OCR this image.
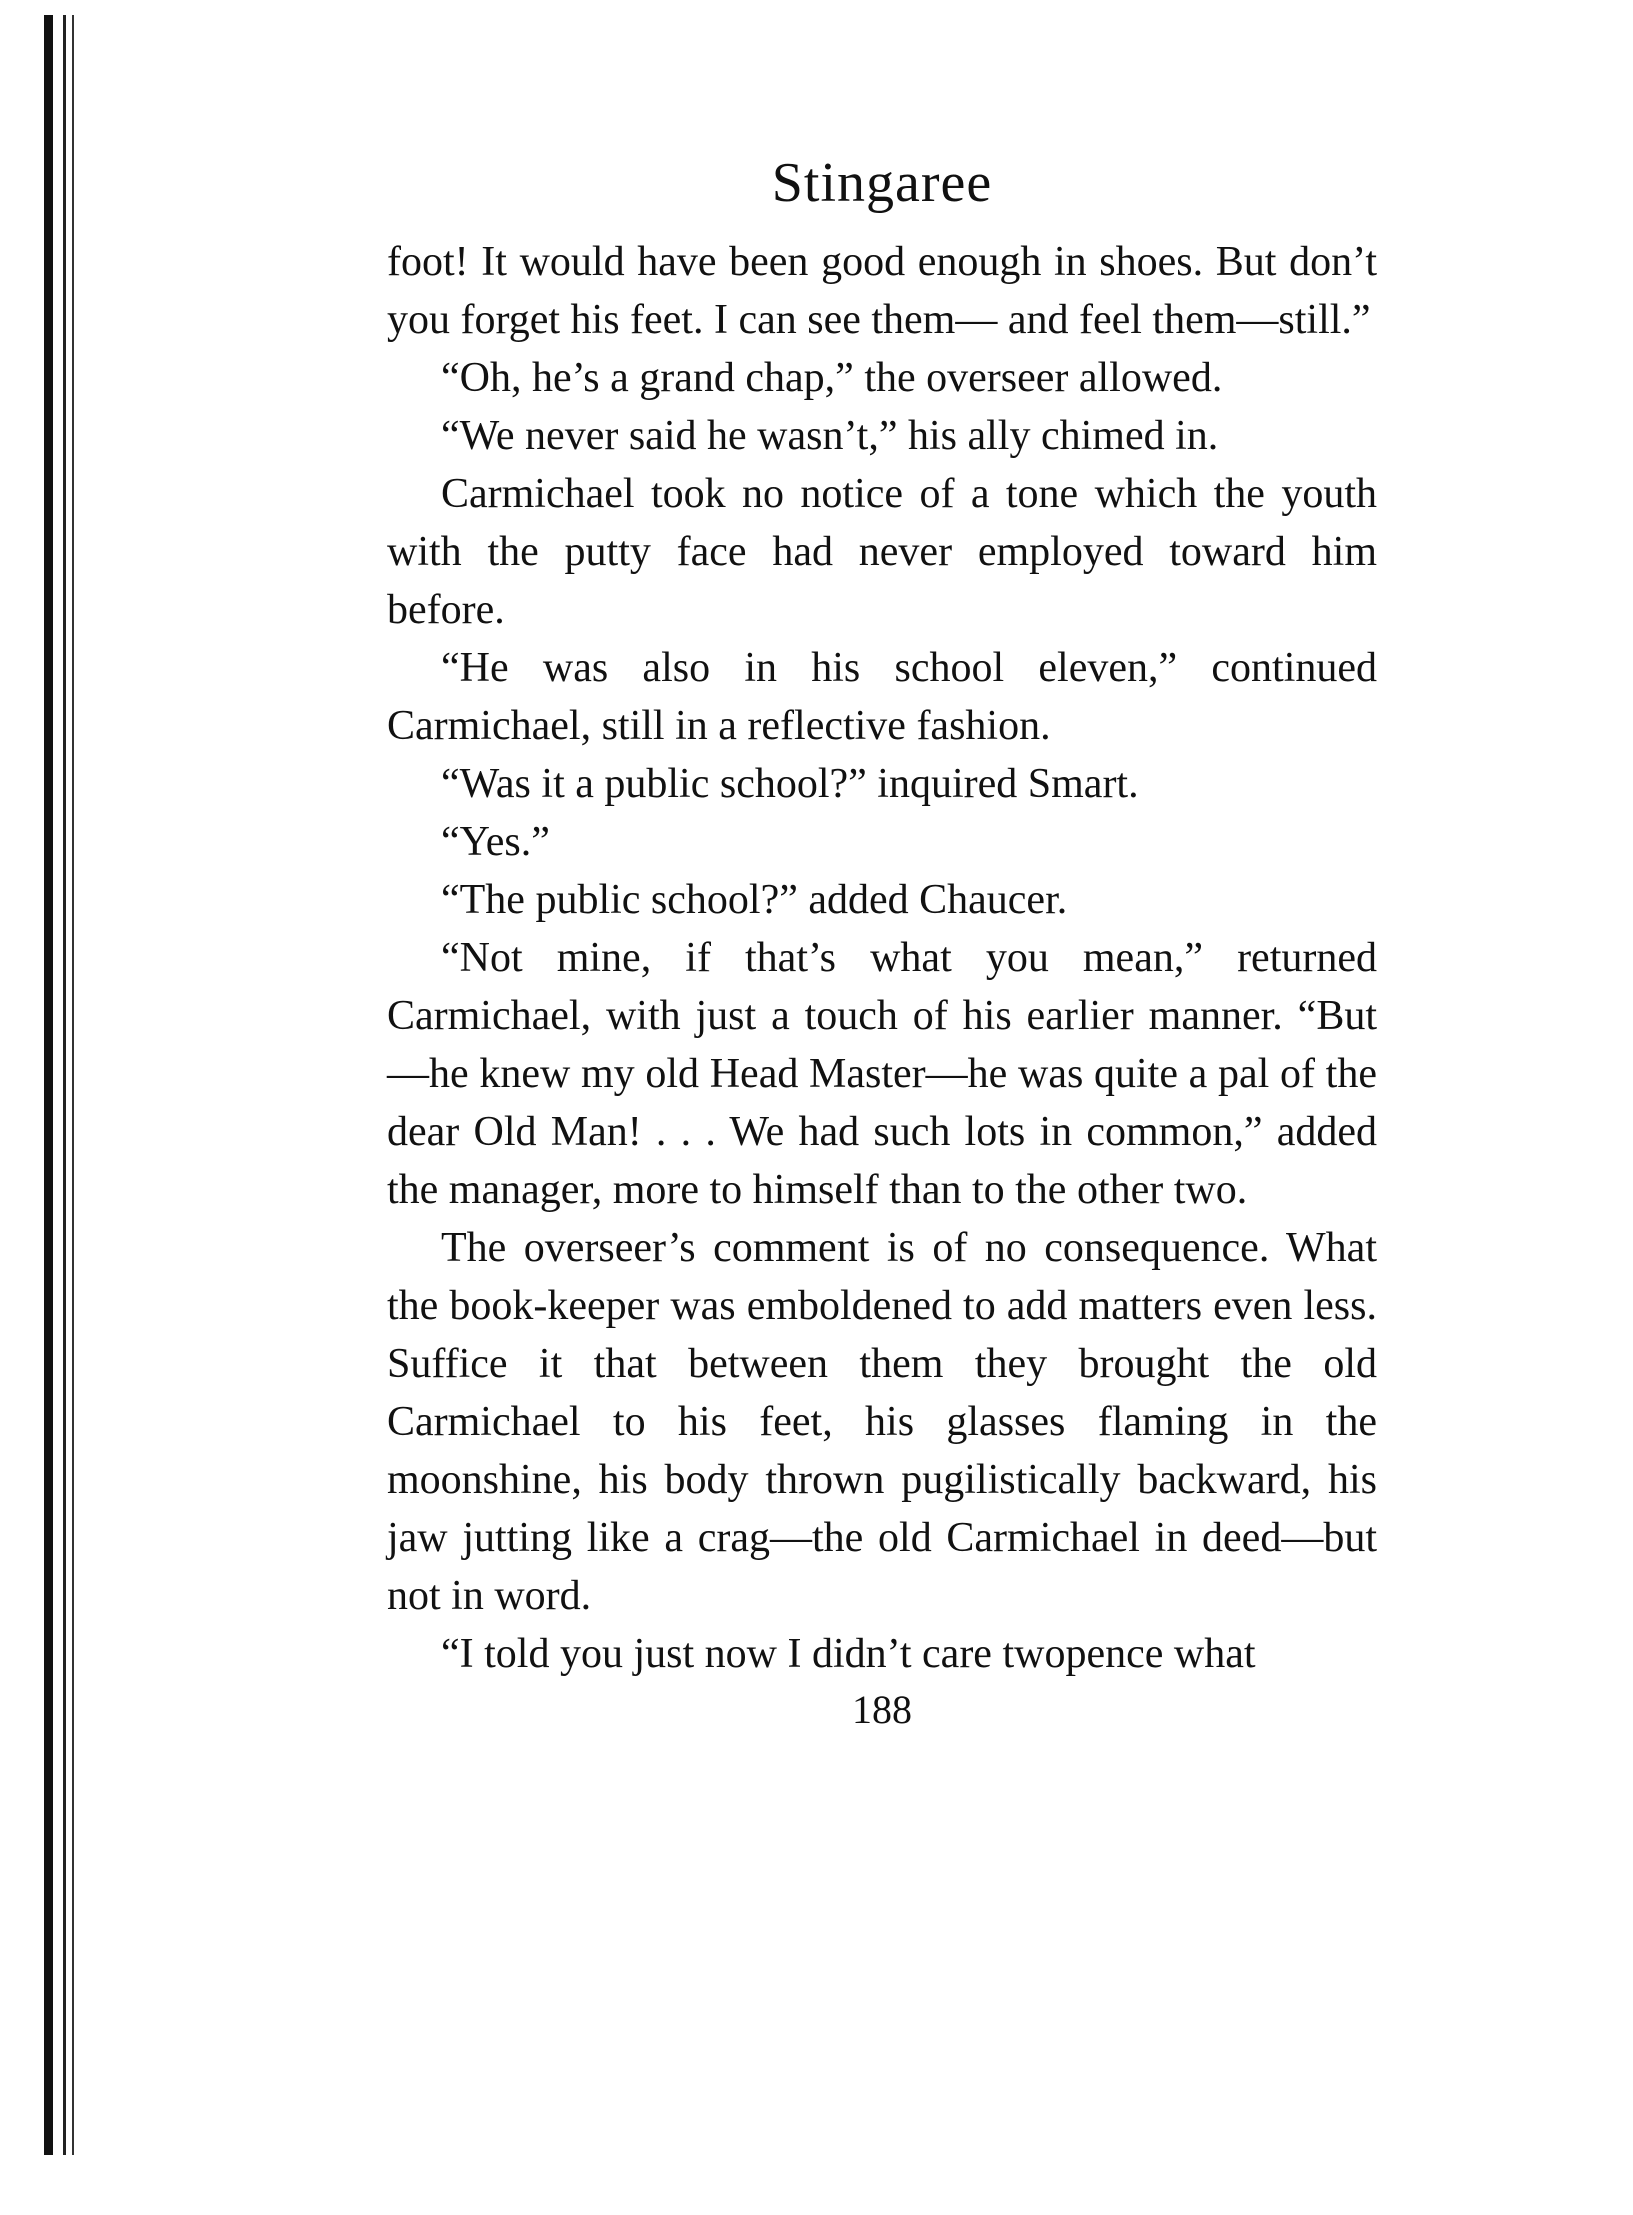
Stingaree

foot! It would have been good enough in shoes. But don’t you forget his feet. I can see them— and feel them—still.”

“Oh, he’s a grand chap,” the overseer allowed.

“We never said he wasn’t,” his ally chimed in.

Carmichael took no notice of a tone which the youth with the putty face had never employed toward him before.

“He was also in his school eleven,” continued Carmichael, still in a reflective fashion.

“Was it a public school?” inquired Smart.

“Yes.”

“The public school?” added Chaucer.

“Not mine, if that’s what you mean,” returned Carmichael, with just a touch of his earlier manner. “But—he knew my old Head Master—he was quite a pal of the dear Old Man! . . . We had such lots in common,” added the manager, more to himself than to the other two.

The overseer’s comment is of no consequence. What the book-keeper was emboldened to add matters even less. Suffice it that between them they brought the old Carmichael to his feet, his glasses flaming in the moonshine, his body thrown pugilistically backward, his jaw jutting like a crag—the old Carmichael in deed—but not in word.

“I told you just now I didn’t care twopence what

188
